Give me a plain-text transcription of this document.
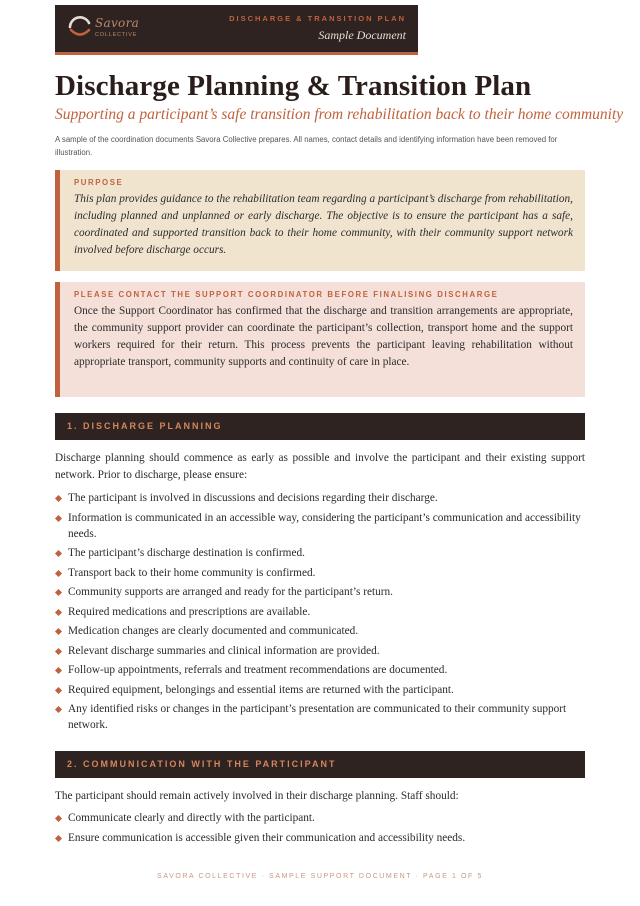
Savora
COLLECTIVE
DISCHARGE & TRANSITION PLAN
Sample Document
Discharge Planning & Transition Plan
Supporting a participant’s safe transition from rehabilitation back to their home community

A sample of the coordination documents Savora Collective prepares. All names, contact details and identifying information have been removed for illustration.

PURPOSE

This plan provides guidance to the rehabilitation team regarding a participant’s discharge from rehabilitation, including planned and unplanned or early discharge. The objective is to ensure the participant has a safe, coordinated and supported transition back to their home community, with their community support network involved before discharge occurs.

PLEASE CONTACT THE SUPPORT COORDINATOR BEFORE FINALISING DISCHARGE

Once the Support Coordinator has confirmed that the discharge and transition arrangements are appropriate, the community support provider can coordinate the participant’s collection, transport home and the support workers required for their return. This process prevents the participant leaving rehabilitation without appropriate transport, community supports and continuity of care in place.

1. DISCHARGE PLANNING

Discharge planning should commence as early as possible and involve the participant and their existing support network. Prior to discharge, please ensure:

The participant is involved in discussions and decisions regarding their discharge.
Information is communicated in an accessible way, considering the participant’s communication and accessibility needs.
The participant’s discharge destination is confirmed.
Transport back to their home community is confirmed.
Community supports are arranged and ready for the participant’s return.
Required medications and prescriptions are available.
Medication changes are clearly documented and communicated.
Relevant discharge summaries and clinical information are provided.
Follow-up appointments, referrals and treatment recommendations are documented.
Required equipment, belongings and essential items are returned with the participant.
Any identified risks or changes in the participant’s presentation are communicated to their community support network.
2. COMMUNICATION WITH THE PARTICIPANT

The participant should remain actively involved in their discharge planning. Staff should:

Communicate clearly and directly with the participant.
Ensure communication is accessible given their communication and accessibility needs.
SAVORA COLLECTIVE · SAMPLE SUPPORT DOCUMENT · PAGE 1 OF 5
